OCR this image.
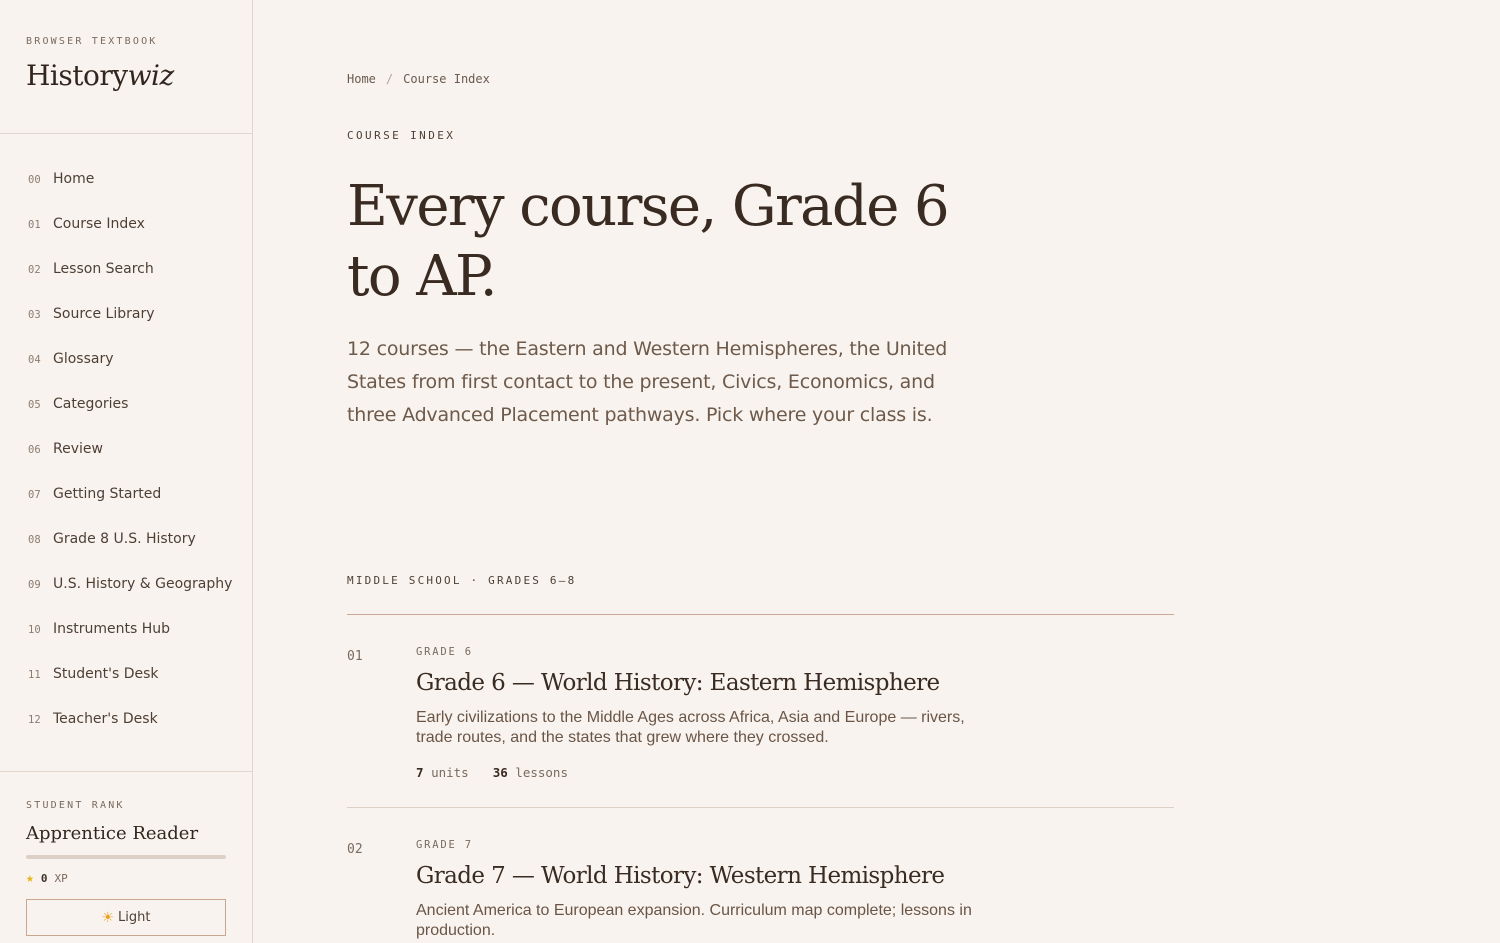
BROWSER TEXTBOOK
Historywiz
00 Home
01 Course Index
02 Lesson Search
03 Source Library
04 Glossary
05 Categories
06 Review
07 Getting Started
08 Grade 8 U.S. History
09 U.S. History & Geography
10 Instruments Hub
11 Student's Desk
12 Teacher's Desk
STUDENT RANK
Apprentice Reader
★ 0 XP
☀ Light
Home / Course Index
COURSE INDEX
Every course, Grade 6 to AP.

12 courses — the Eastern and Western Hemispheres, the United States from first contact to the present, Civics, Economics, and three Advanced Placement pathways. Pick where your class is.

MIDDLE SCHOOL · GRADES 6–8
01	GRADE 6
Grade 6 — World History: Eastern Hemisphere
Early civilizations to the Middle Ages across Africa, Asia and Europe — rivers, trade routes, and the states that grew where they crossed.
7 units 36 lessons
02	GRADE 7
Grade 7 — World History: Western Hemisphere
Ancient America to European expansion. Curriculum map complete; lessons in production.
